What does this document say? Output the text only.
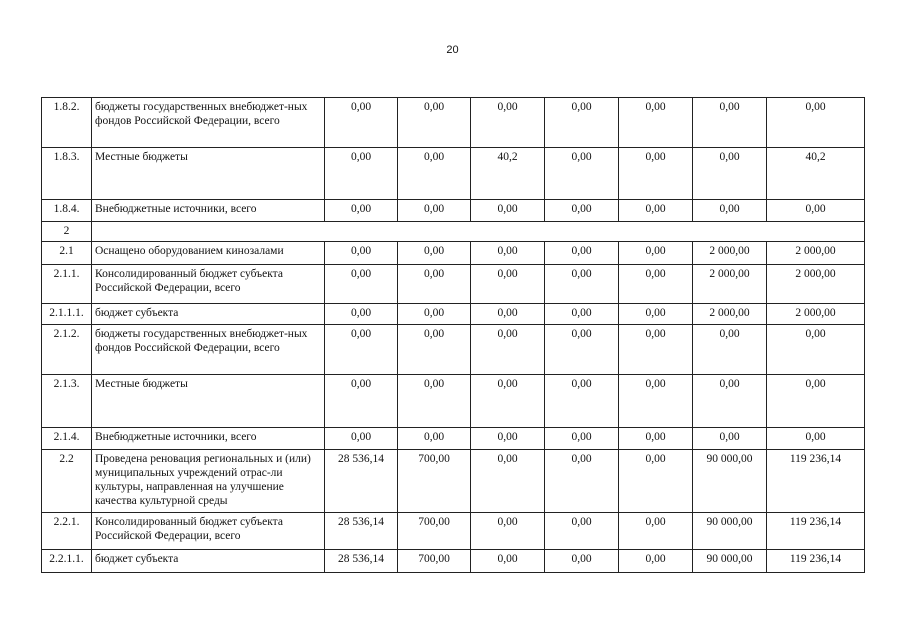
20
1.8.2.	бюджеты государственных внебюджет-ных фондов Российской Федерации, всего	0,00	0,00	0,00	0,00	0,00	0,00	0,00
1.8.3.	Местные бюджеты	0,00	0,00	40,2	0,00	0,00	0,00	40,2
1.8.4.	Внебюджетные источники, всего	0,00	0,00	0,00	0,00	0,00	0,00	0,00
2								
2.1	Оснащено оборудованием кинозалами	0,00	0,00	0,00	0,00	0,00	2 000,00	2 000,00
2.1.1.	Консолидированный бюджет субъекта Российской Федерации, всего	0,00	0,00	0,00	0,00	0,00	2 000,00	2 000,00
2.1.1.1.	бюджет субъекта	0,00	0,00	0,00	0,00	0,00	2 000,00	2 000,00
2.1.2.	бюджеты государственных внебюджет-ных фондов Российской Федерации, всего	0,00	0,00	0,00	0,00	0,00	0,00	0,00
2.1.3.	Местные бюджеты	0,00	0,00	0,00	0,00	0,00	0,00	0,00
2.1.4.	Внебюджетные источники, всего	0,00	0,00	0,00	0,00	0,00	0,00	0,00
2.2	Проведена реновация региональных и (или) муниципальных учреждений отрас-ли культуры, направленная на улучшение качества культурной среды	28 536,14	700,00	0,00	0,00	0,00	90 000,00	119 236,14
2.2.1.	Консолидированный бюджет субъекта Российской Федерации, всего	28 536,14	700,00	0,00	0,00	0,00	90 000,00	119 236,14
2.2.1.1.	бюджет субъекта	28 536,14	700,00	0,00	0,00	0,00	90 000,00	119 236,14
